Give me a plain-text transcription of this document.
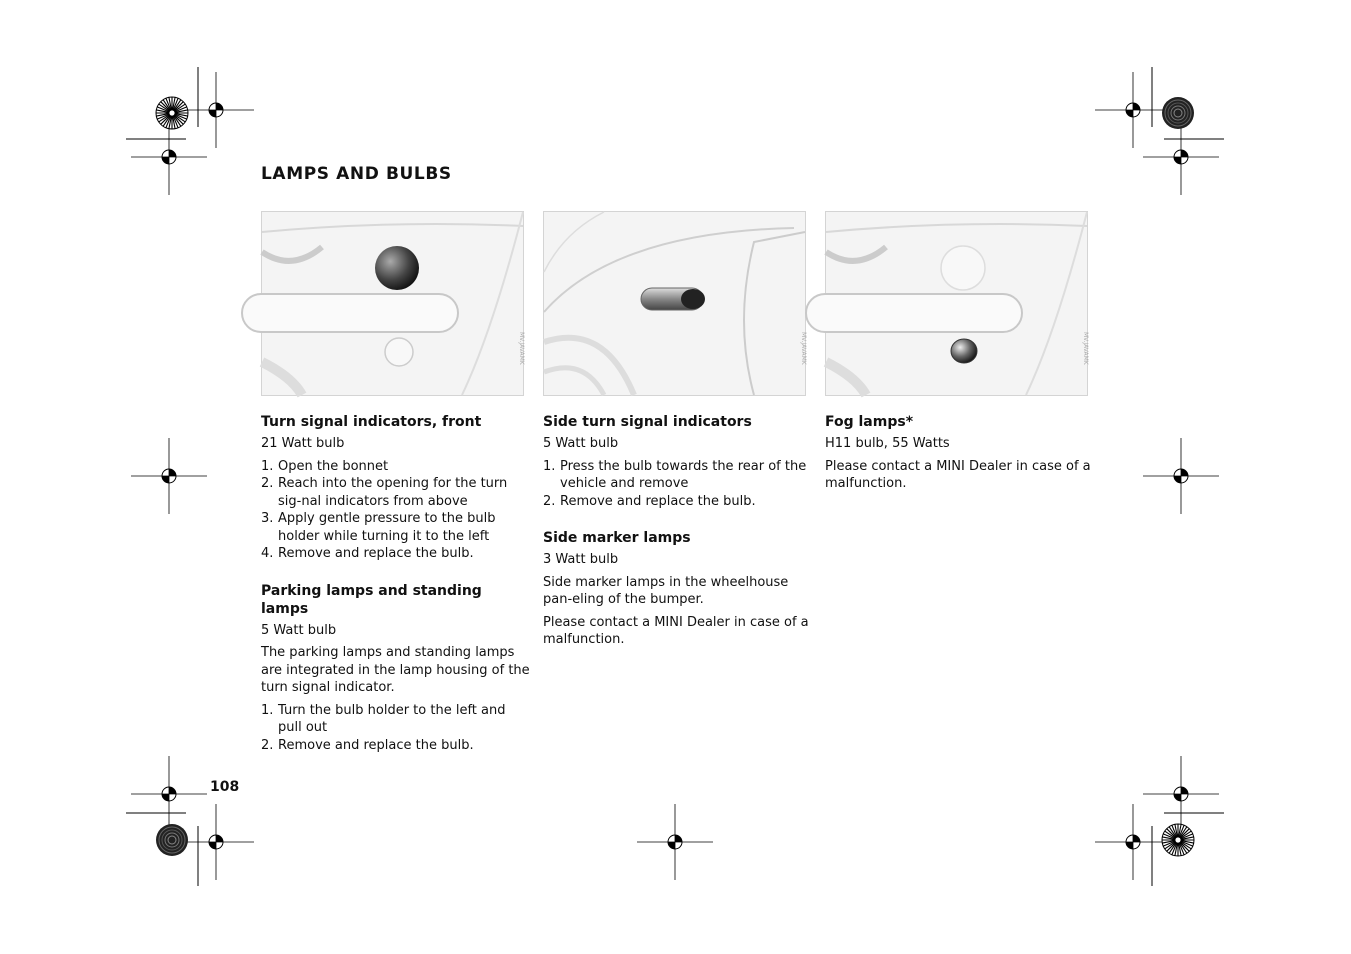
LAMPS AND BULBS
MV.JAVAMK	MV.JAVAMK	MV.JAVAMK
Turn signal indicators, front

21 Watt bulb

1. Open the bonnet
2. Reach into the opening for the turn sig-nal indicators from above
3. Apply gentle pressure to the bulb holder while turning it to the left
4. Remove and replace the bulb.
Parking lamps and standing lamps

5 Watt bulb

The parking lamps and standing lamps are integrated in the lamp housing of the turn signal indicator.

1. Turn the bulb holder to the left and pull out
2. Remove and replace the bulb.
Side turn signal indicators

5 Watt bulb

1. Press the bulb towards the rear of the vehicle and remove
2. Remove and replace the bulb.
Side marker lamps

3 Watt bulb

Side marker lamps in the wheelhouse pan-eling of the bumper.

Please contact a MINI Dealer in case of a malfunction.

Fog lamps*

H11 bulb, 55 Watts

Please contact a MINI Dealer in case of a malfunction.

108
